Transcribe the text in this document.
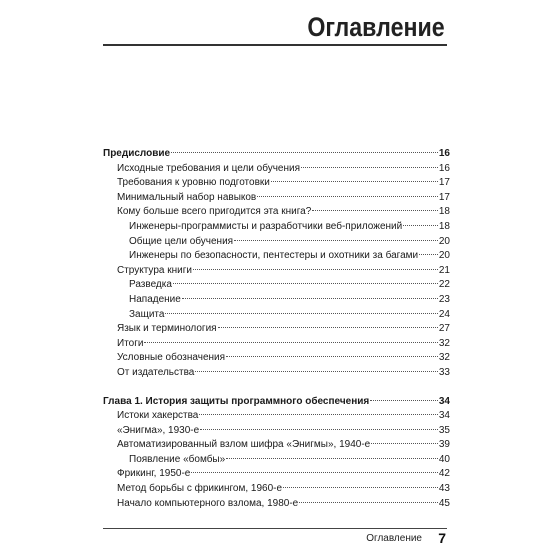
Оглавление
Предисловие	16
Исходные требования и цели обучения	16
Требования к уровню подготовки	17
Минимальный набор навыков	17
Кому больше всего пригодится эта книга?	18
Инженеры-программисты и разработчики веб-приложений	18
Общие цели обучения	20
Инженеры по безопасности, пентестеры и охотники за багами 20
Структура книги	21
Разведка	22
Нападение	23
Защита	24
Язык и терминология	27
Итоги	32
Условные обозначения	32
От издательства	33
Глава 1. История защиты программного обеспечения	34
Истоки хакерства	34
«Энигма», 1930-е	35
Автоматизированный взлом шифра «Энигмы», 1940-е	39
Появление «бомбы»	40
Фрикинг, 1950-е	42
Метод борьбы с фрикингом, 1960-е	43
Начало компьютерного взлома, 1980-е	45
Оглавление 7
